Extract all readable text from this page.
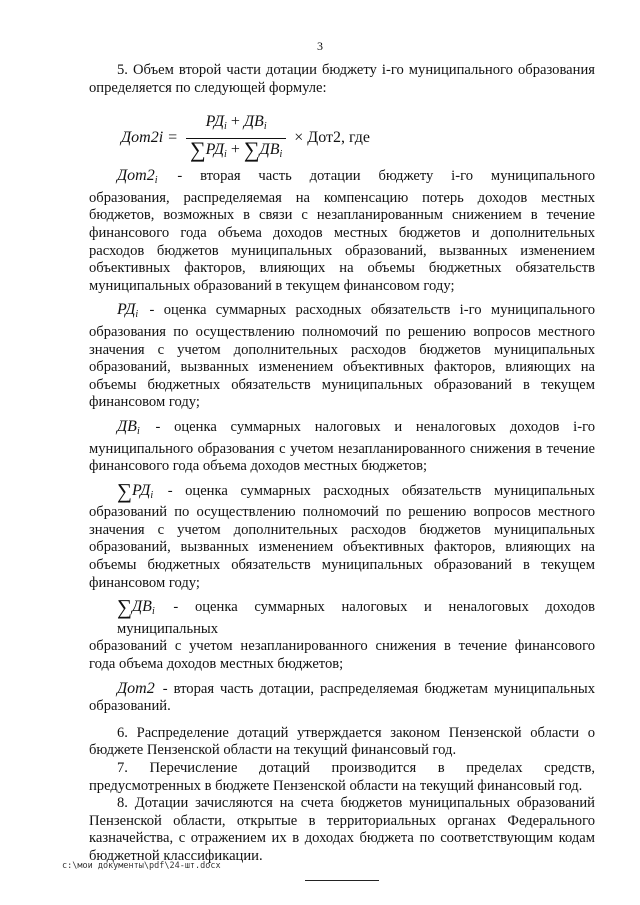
3

5. Объем второй части дотации бюджету i-го муниципального образования определяется по следующей формуле:

$Дот2i = \frac{РД_i + ДВ_i}{\sum РД_i + \sum ДВ_i} \times Дот2$, где

$Дот2_i$ - вторая часть дотации бюджету i-го муниципального

образования, распределяемая на компенсацию потерь доходов местных бюджетов, возможных в связи с незапланированным снижением в течение финансового года объема доходов местных бюджетов и дополнительных расходов бюджетов муниципальных образований, вызванных изменением объективных факторов, влияющих на объемы бюджетных обязательств муниципальных образований в текущем финансовом году;

$РД_i$ - оценка суммарных расходных обязательств i-го муниципального

образования по осуществлению полномочий по решению вопросов местного значения с учетом дополнительных расходов бюджетов муниципальных образований, вызванных изменением объективных факторов, влияющих на объемы бюджетных обязательств муниципальных образований в текущем финансовом году;

$ДВ_i$ - оценка суммарных налоговых и неналоговых доходов i-го

муниципального образования с учетом незапланированного снижения в течение финансового года объема доходов местных бюджетов;

$\sum РД_i$ - оценка суммарных расходных обязательств муниципальных

образований по осуществлению полномочий по решению вопросов местного значения с учетом дополнительных расходов бюджетов муниципальных образований, вызванных изменением объективных факторов, влияющих на объемы бюджетных обязательств муниципальных образований в текущем финансовом году;

$\sum ДВ_i$ - оценка суммарных налоговых и неналоговых доходов муниципальных

образований с учетом незапланированного снижения в течение финансового года объема доходов местных бюджетов;

Дот2 - вторая часть дотации, распределяемая бюджетам муниципальных

образований.

6. Распределение дотаций утверждается законом Пензенской области о бюджете Пензенской области на текущий финансовый год.

7. Перечисление дотаций производится в пределах средств, предусмотренных в бюджете Пензенской области на текущий финансовый год.

8. Дотации зачисляются на счета бюджетов муниципальных образований Пензенской области, открытые в территориальных органах Федерального казначейства, с отражением их в доходах бюджета по соответствующим кодам бюджетной классификации.

c:\мои документы\pdf\24-шт.docx
